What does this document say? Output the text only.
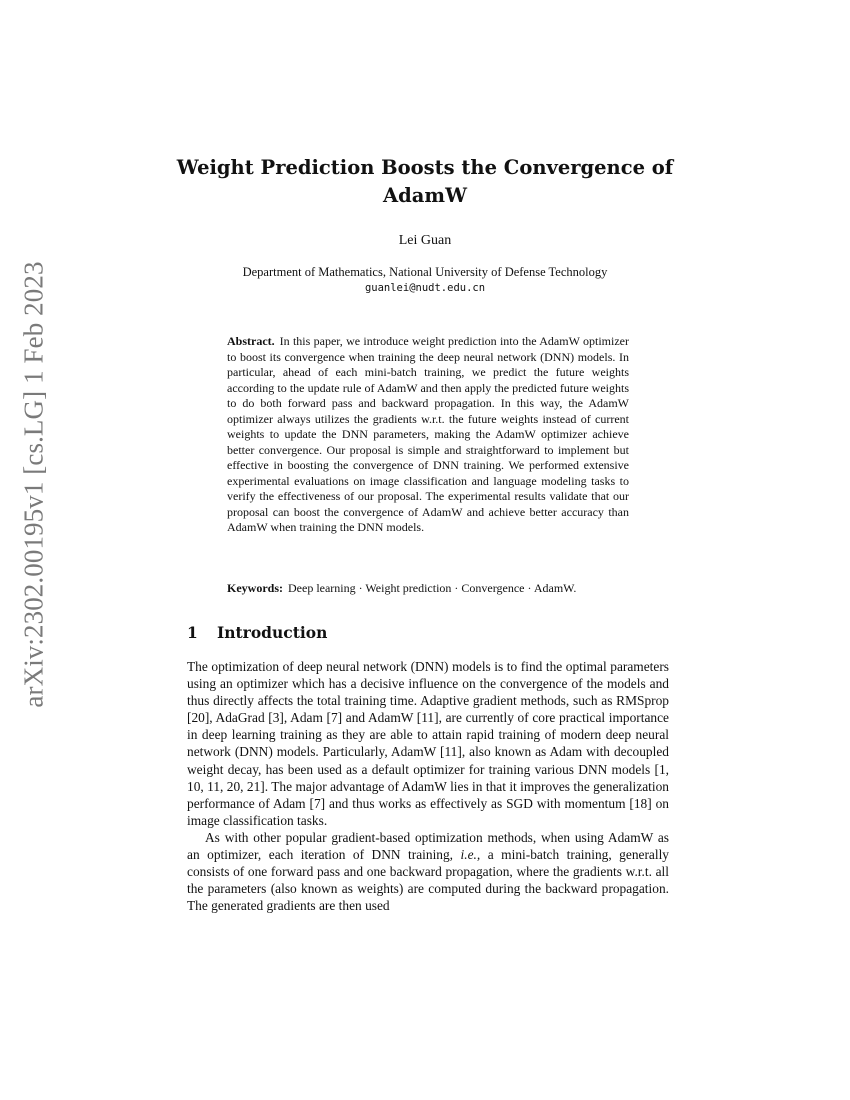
arXiv:2302.00195v1 [cs.LG] 1 Feb 2023
Weight Prediction Boosts the Convergence of AdamW
Lei Guan
Department of Mathematics, National University of Defense Technology
guanlei@nudt.edu.cn
Abstract. In this paper, we introduce weight prediction into the AdamW optimizer to boost its convergence when training the deep neural network (DNN) models. In particular, ahead of each mini-batch training, we predict the future weights according to the update rule of AdamW and then apply the predicted future weights to do both forward pass and backward propagation. In this way, the AdamW optimizer always utilizes the gradients w.r.t. the future weights instead of current weights to update the DNN parameters, making the AdamW optimizer achieve better convergence. Our proposal is simple and straightforward to implement but effective in boosting the convergence of DNN training. We performed extensive experimental evaluations on image classification and language modeling tasks to verify the effectiveness of our proposal. The experimental results validate that our proposal can boost the convergence of AdamW and achieve better accuracy than AdamW when training the DNN models.
Keywords: Deep learning · Weight prediction · Convergence · AdamW.
1 Introduction

The optimization of deep neural network (DNN) models is to find the optimal parameters using an optimizer which has a decisive influence on the convergence of the models and thus directly affects the total training time. Adaptive gradient methods, such as RMSprop [20], AdaGrad [3], Adam [7] and AdamW [11], are currently of core practical importance in deep learning training as they are able to attain rapid training of modern deep neural network (DNN) models. Particularly, AdamW [11], also known as Adam with decoupled weight decay, has been used as a default optimizer for training various DNN models [1, 10, 11, 20, 21]. The major advantage of AdamW lies in that it improves the generalization performance of Adam [7] and thus works as effectively as SGD with momentum [18] on image classification tasks.

As with other popular gradient-based optimization methods, when using AdamW as an optimizer, each iteration of DNN training, i.e., a mini-batch training, generally consists of one forward pass and one backward propagation, where the gradients w.r.t. all the parameters (also known as weights) are computed during the backward propagation. The generated gradients are then used
